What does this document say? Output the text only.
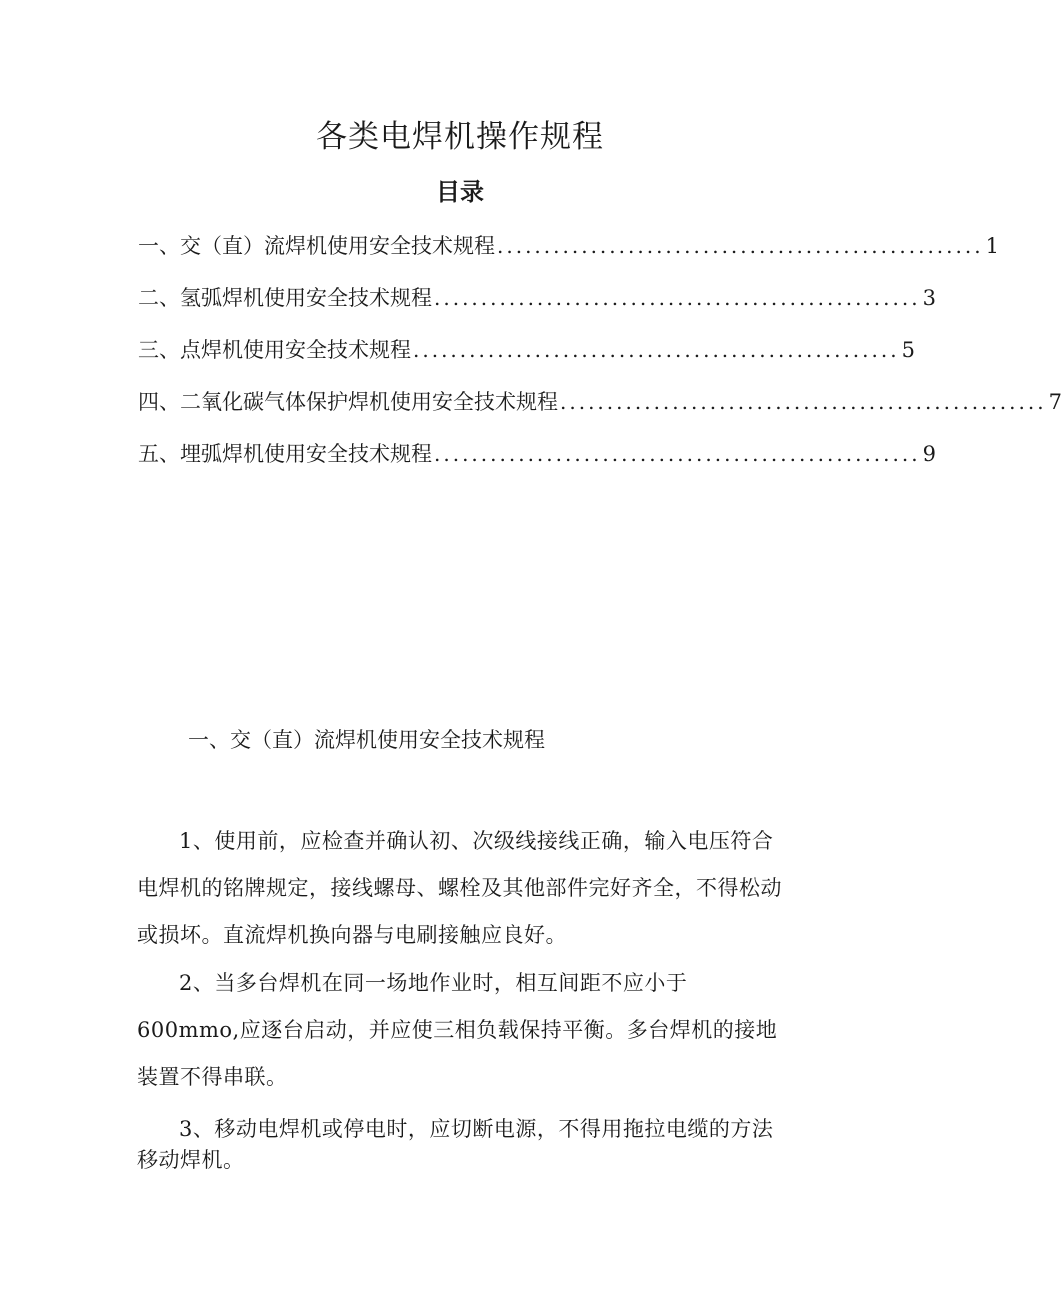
各类电焊机操作规程
目录
一、交（直）流焊机使用安全技术规程 .................................................... 1
二、氢弧焊机使用安全技术规程 .................................................... 3
三、点焊机使用安全技术规程 .................................................... 5
四、二氧化碳气体保护焊机使用安全技术规程 .................................................... 7
五、埋弧焊机使用安全技术规程 .................................................... 9
一、交（直）流焊机使用安全技术规程

1、使用前，应检查并确认初、次级线接线正确，输入电压符合电焊机的铭牌规定，接线螺母、螺栓及其他部件完好齐全，不得松动或损坏。直流焊机换向器与电刷接触应良好。

2、当多台焊机在同一场地作业时，相互间距不应小于600mmo,应逐台启动，并应使三相负载保持平衡。多台焊机的接地装置不得串联。

3、移动电焊机或停电时，应切断电源，不得用拖拉电缆的方法移动焊机。
